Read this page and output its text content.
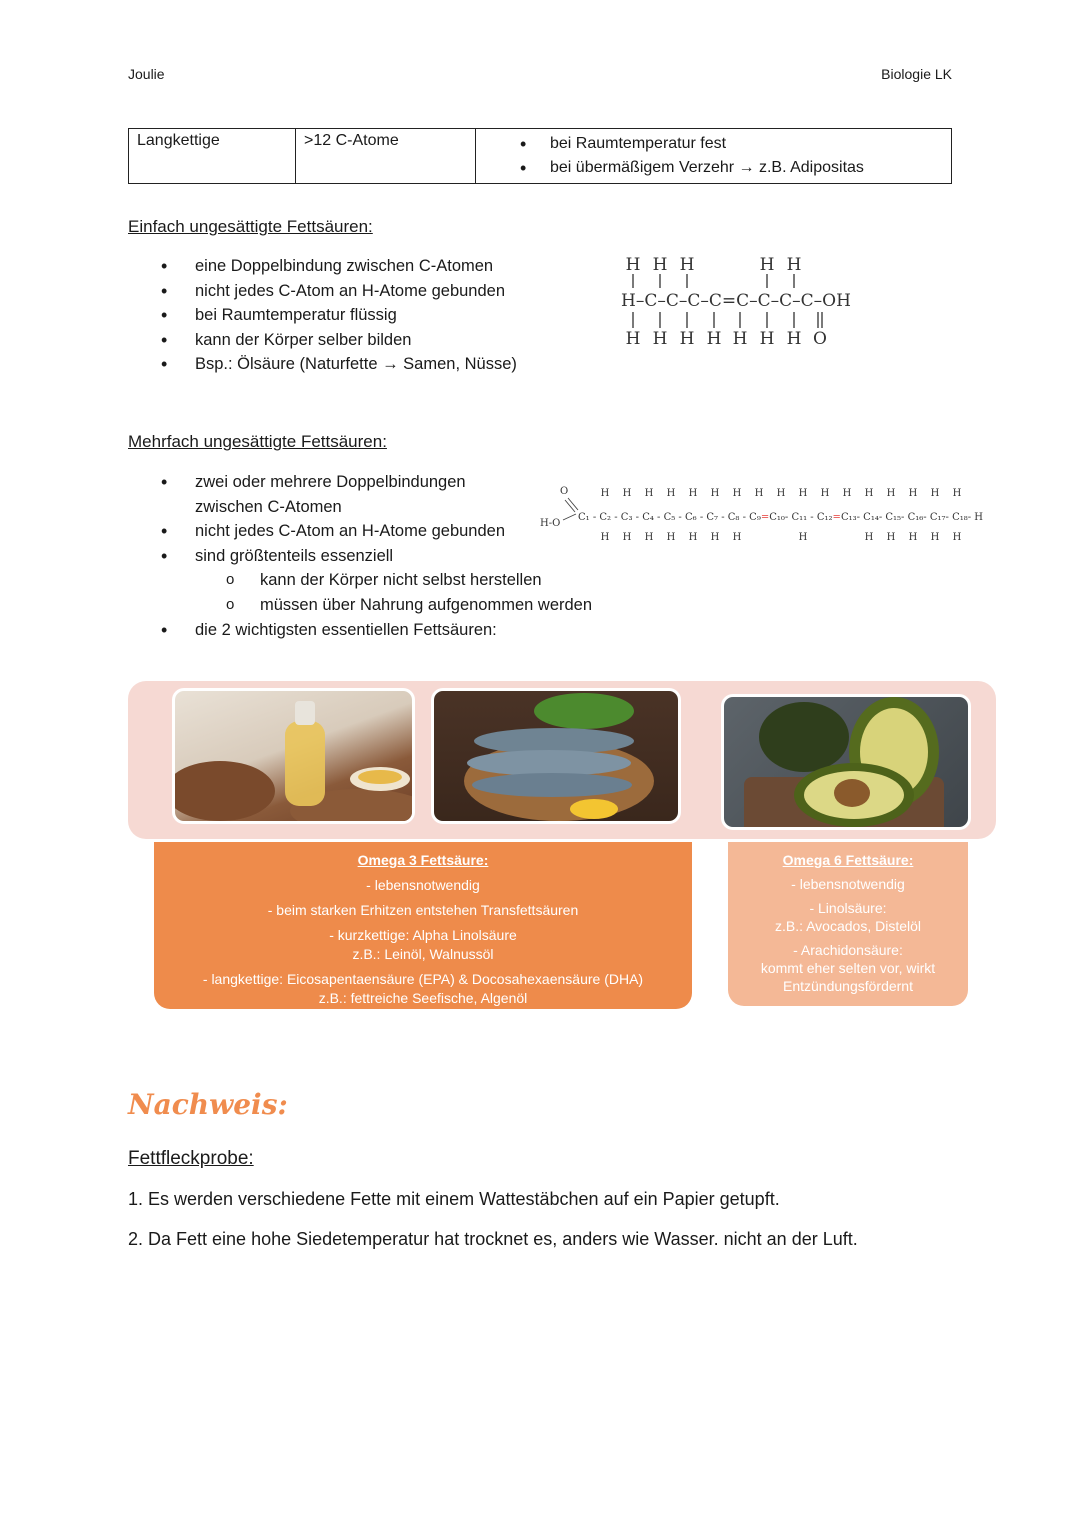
Joulie	Biologie LK
Langkettige	>12 C-Atome	
•bei Raumtemperatur fest
• bei übermäßigem Verzehr → z.B. Adipositas
Einfach ungesättigte Fettsäuren:
• eine Doppelbindung zwischen C-Atomen
• nicht jedes C-Atom an H-Atome gebunden
• bei Raumtemperatur flüssig
• kann der Körper selber bilden
• Bsp.: Ölsäure (Naturfette → Samen, Nüsse)
H H H	H H
H–C–C–C–C=C–C–C–C–OH
H H H H H H H O
Mehrfach ungesättigte Fettsäuren:
• zwei oder mehrere Doppelbindungen zwischen C-Atomen
• nicht jedes C-Atom an H-Atome gebunden
• sind größtenteils essenziell
o kann der Körper nicht selbst herstellen
o müssen über Nahrung aufgenommen werden
• die 2 wichtigsten essentiellen Fettsäuren:
O
H-O
H H H H H H H H H H H H H H H H H
H H H H H H H	H	H H H H H
C₁ - C₂ - C₃ - C₄ - C₅ - C₆ - C₇ - C₈ - C₉=C₁₀- C₁₁ - C₁₂=C₁₃- C₁₄- C₁₅- C₁₆- C₁₇- C₁₈- H
Omega 3 Fettsäure:
- lebensnotwendig
- beim starken Erhitzen entstehen Transfettsäuren
- kurzkettige: Alpha Linolsäure
z.B.: Leinöl, Walnussöl
- langkettige: Eicosapentaensäure (EPA) & Docosahexaensäure (DHA)
z.B.: fettreiche Seefische, Algenöl
Omega 6 Fettsäure:
- lebensnotwendig
- Linolsäure:
z.B.: Avocados, Distelöl
- Arachidonsäure:
kommt eher selten vor, wirkt
Entzündungsfördernt
Nachweis:
Fettfleckprobe:
1. Es werden verschiedene Fette mit einem Wattestäbchen auf ein Papier getupft.
2. Da Fett eine hohe Siedetemperatur hat trocknet es, anders wie Wasser. nicht an der Luft.
